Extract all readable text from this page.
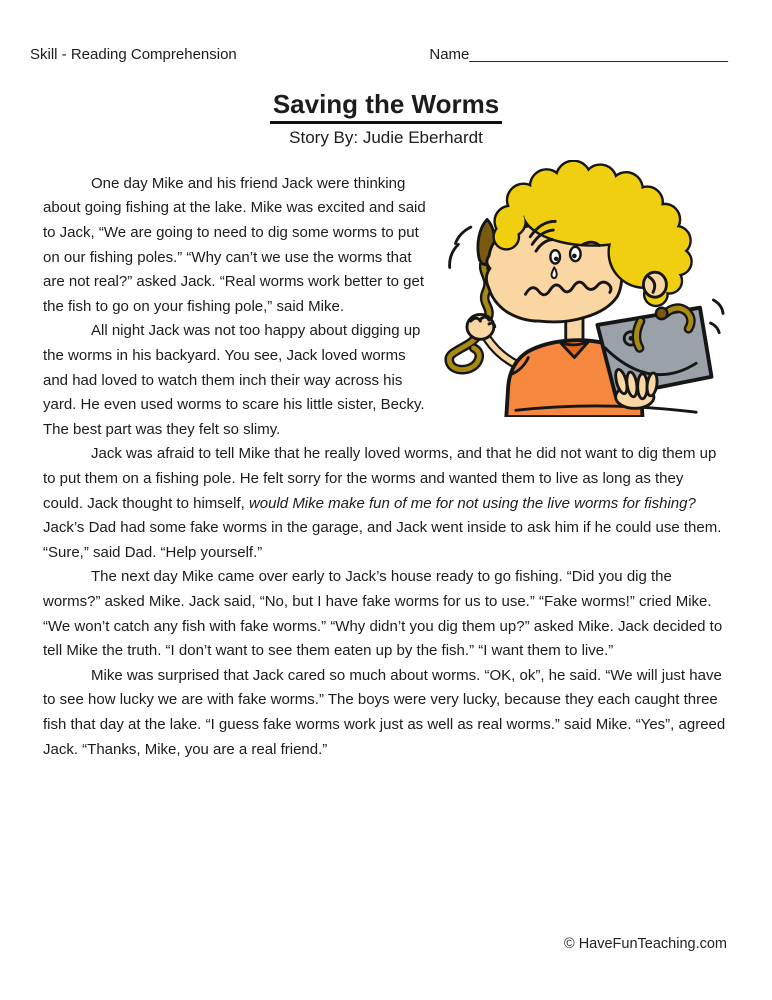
Skill - Reading Comprehension	Name_______________________________
Saving the Worms
Story By: Judie Eberhardt

One day Mike and his friend Jack were thinking about going fishing at the lake. Mike was excited and said to Jack, “We are going to need to dig some worms to put on our fishing poles.” “Why can’t we use the worms that are not real?” asked Jack. “Real worms work better to get the fish to go on your fishing pole,” said Mike.

All night Jack was not too happy about digging up the worms in his backyard. You see, Jack loved worms and had loved to watch them inch their way across his yard. He even used worms to scare his little sister, Becky. The best part was they felt so slimy.

Jack was afraid to tell Mike that he really loved worms, and that he did not want to dig them up to put them on a fishing pole. He felt sorry for the worms and wanted them to live as long as they could. Jack thought to himself, would Mike make fun of me for not using the live worms for fishing? Jack’s Dad had some fake worms in the garage, and Jack went inside to ask him if he could use them. “Sure,” said Dad. “Help yourself.”

The next day Mike came over early to Jack’s house ready to go fishing. “Did you dig the worms?” asked Mike. Jack said, “No, but I have fake worms for us to use.” “Fake worms!” cried Mike. “We won’t catch any fish with fake worms.” “Why didn’t you dig them up?” asked Mike. Jack decided to tell Mike the truth. “I don’t want to see them eaten up by the fish.” “I want them to live.”

Mike was surprised that Jack cared so much about worms. “OK, ok”, he said. “We will just have to see how lucky we are with fake worms.” The boys were very lucky, because they each caught three fish that day at the lake. “I guess fake worms work just as well as real worms.” said Mike. “Yes”, agreed Jack. “Thanks, Mike, you are a real friend.”

© HaveFunTeaching.com
